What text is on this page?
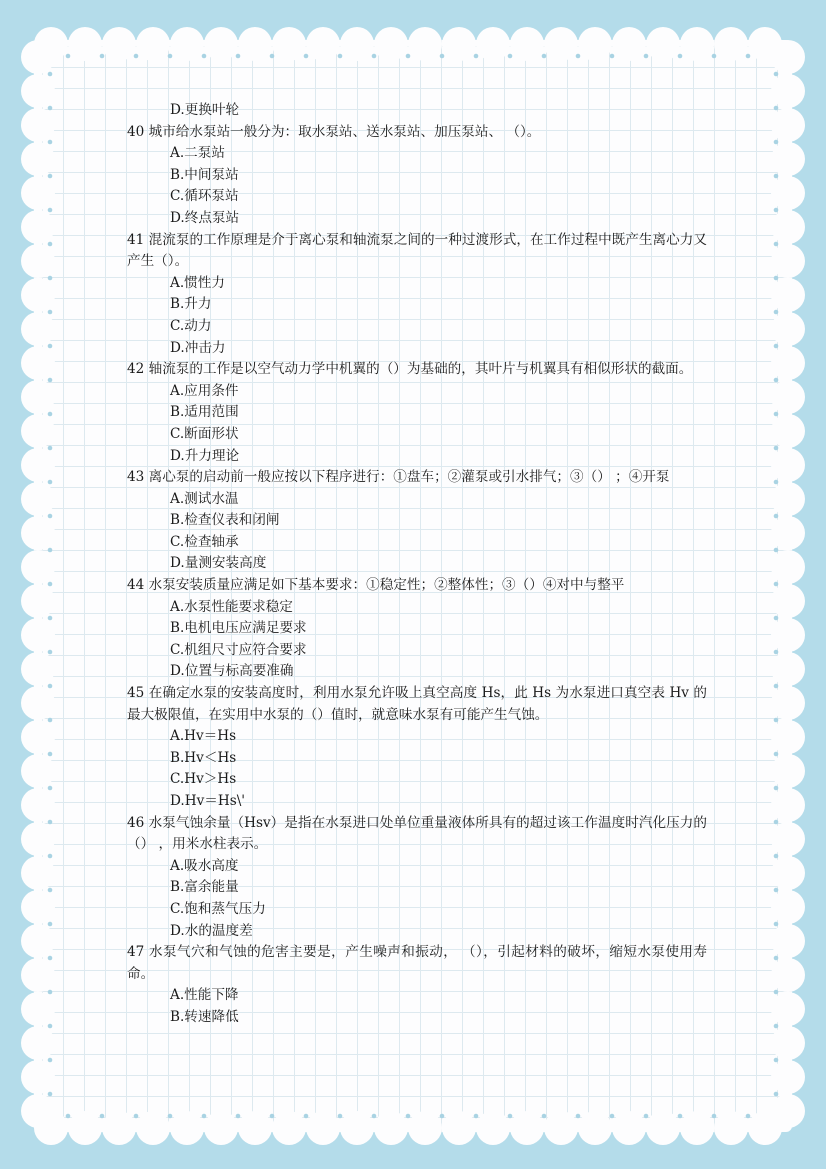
D.更换叶轮

40 城市给水泵站一般分为：取水泵站、送水泵站、加压泵站、 （）。

A.二泵站

B.中间泵站

C.循环泵站

D.终点泵站

41 混流泵的工作原理是介于离心泵和轴流泵之间的一种过渡形式，在工作过程中既产生离心力又产生（）。

A.惯性力

B.升力

C.动力

D.冲击力

42 轴流泵的工作是以空气动力学中机翼的（）为基础的，其叶片与机翼具有相似形状的截面。

A.应用条件

B.适用范围

C.断面形状

D.升力理论

43 离心泵的启动前一般应按以下程序进行：①盘车；②灌泵或引水排气；③（） ；④开泵

A.测试水温

B.检查仪表和闭闸

C.检查轴承

D.量测安装高度

44 水泵安装质量应满足如下基本要求：①稳定性；②整体性；③（）④对中与整平

A.水泵性能要求稳定

B.电机电压应满足要求

C.机组尺寸应符合要求

D.位置与标高要准确

45 在确定水泵的安装高度时，利用水泵允许吸上真空高度 Hs，此 Hs 为水泵进口真空表 Hv 的最大极限值，在实用中水泵的（）值时，就意味水泵有可能产生气蚀。

A.Hv＝Hs

B.Hv＜Hs

C.Hv＞Hs

D.Hv＝Hs\'

46 水泵气蚀余量（Hsv）是指在水泵进口处单位重量液体所具有的超过该工作温度时汽化压力的（） ，用米水柱表示。

A.吸水高度

B.富余能量

C.饱和蒸气压力

D.水的温度差

47 水泵气穴和气蚀的危害主要是，产生噪声和振动， （），引起材料的破坏，缩短水泵使用寿命。

A.性能下降

B.转速降低
